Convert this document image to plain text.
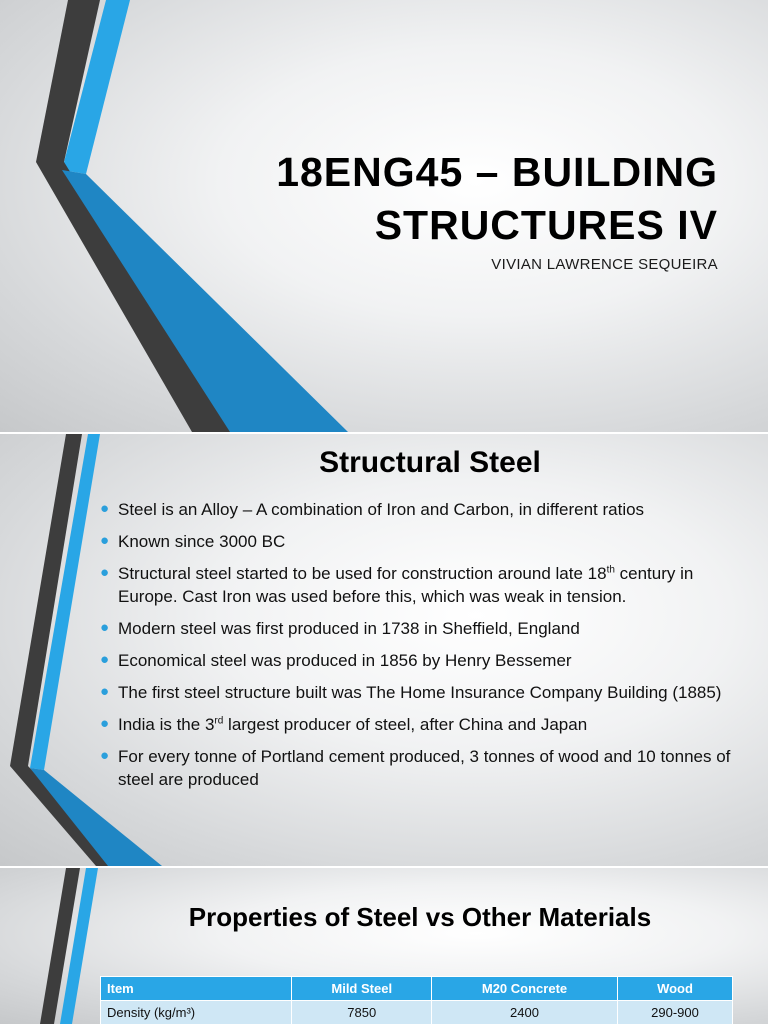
18ENG45 – BUILDING
STRUCTURES IV
VIVIAN LAWRENCE SEQUEIRA
Structural Steel
● Steel is an Alloy – A combination of Iron and Carbon, in different ratios
● Known since 3000 BC
● Structural steel started to be used for construction around late 18th century in Europe. Cast Iron was used before this, which was weak in tension.
● Modern steel was first produced in 1738 in Sheffield, England
● Economical steel was produced in 1856 by Henry Bessemer
● The first steel structure built was The Home Insurance Company Building (1885)
● India is the 3rd largest producer of steel, after China and Japan
● For every tonne of Portland cement produced, 3 tonnes of wood and 10 tonnes of steel are produced
Properties of Steel vs Other Materials
Item	Mild Steel	M20 Concrete	Wood
Density (kg/m³)	7850	2400	290-900
